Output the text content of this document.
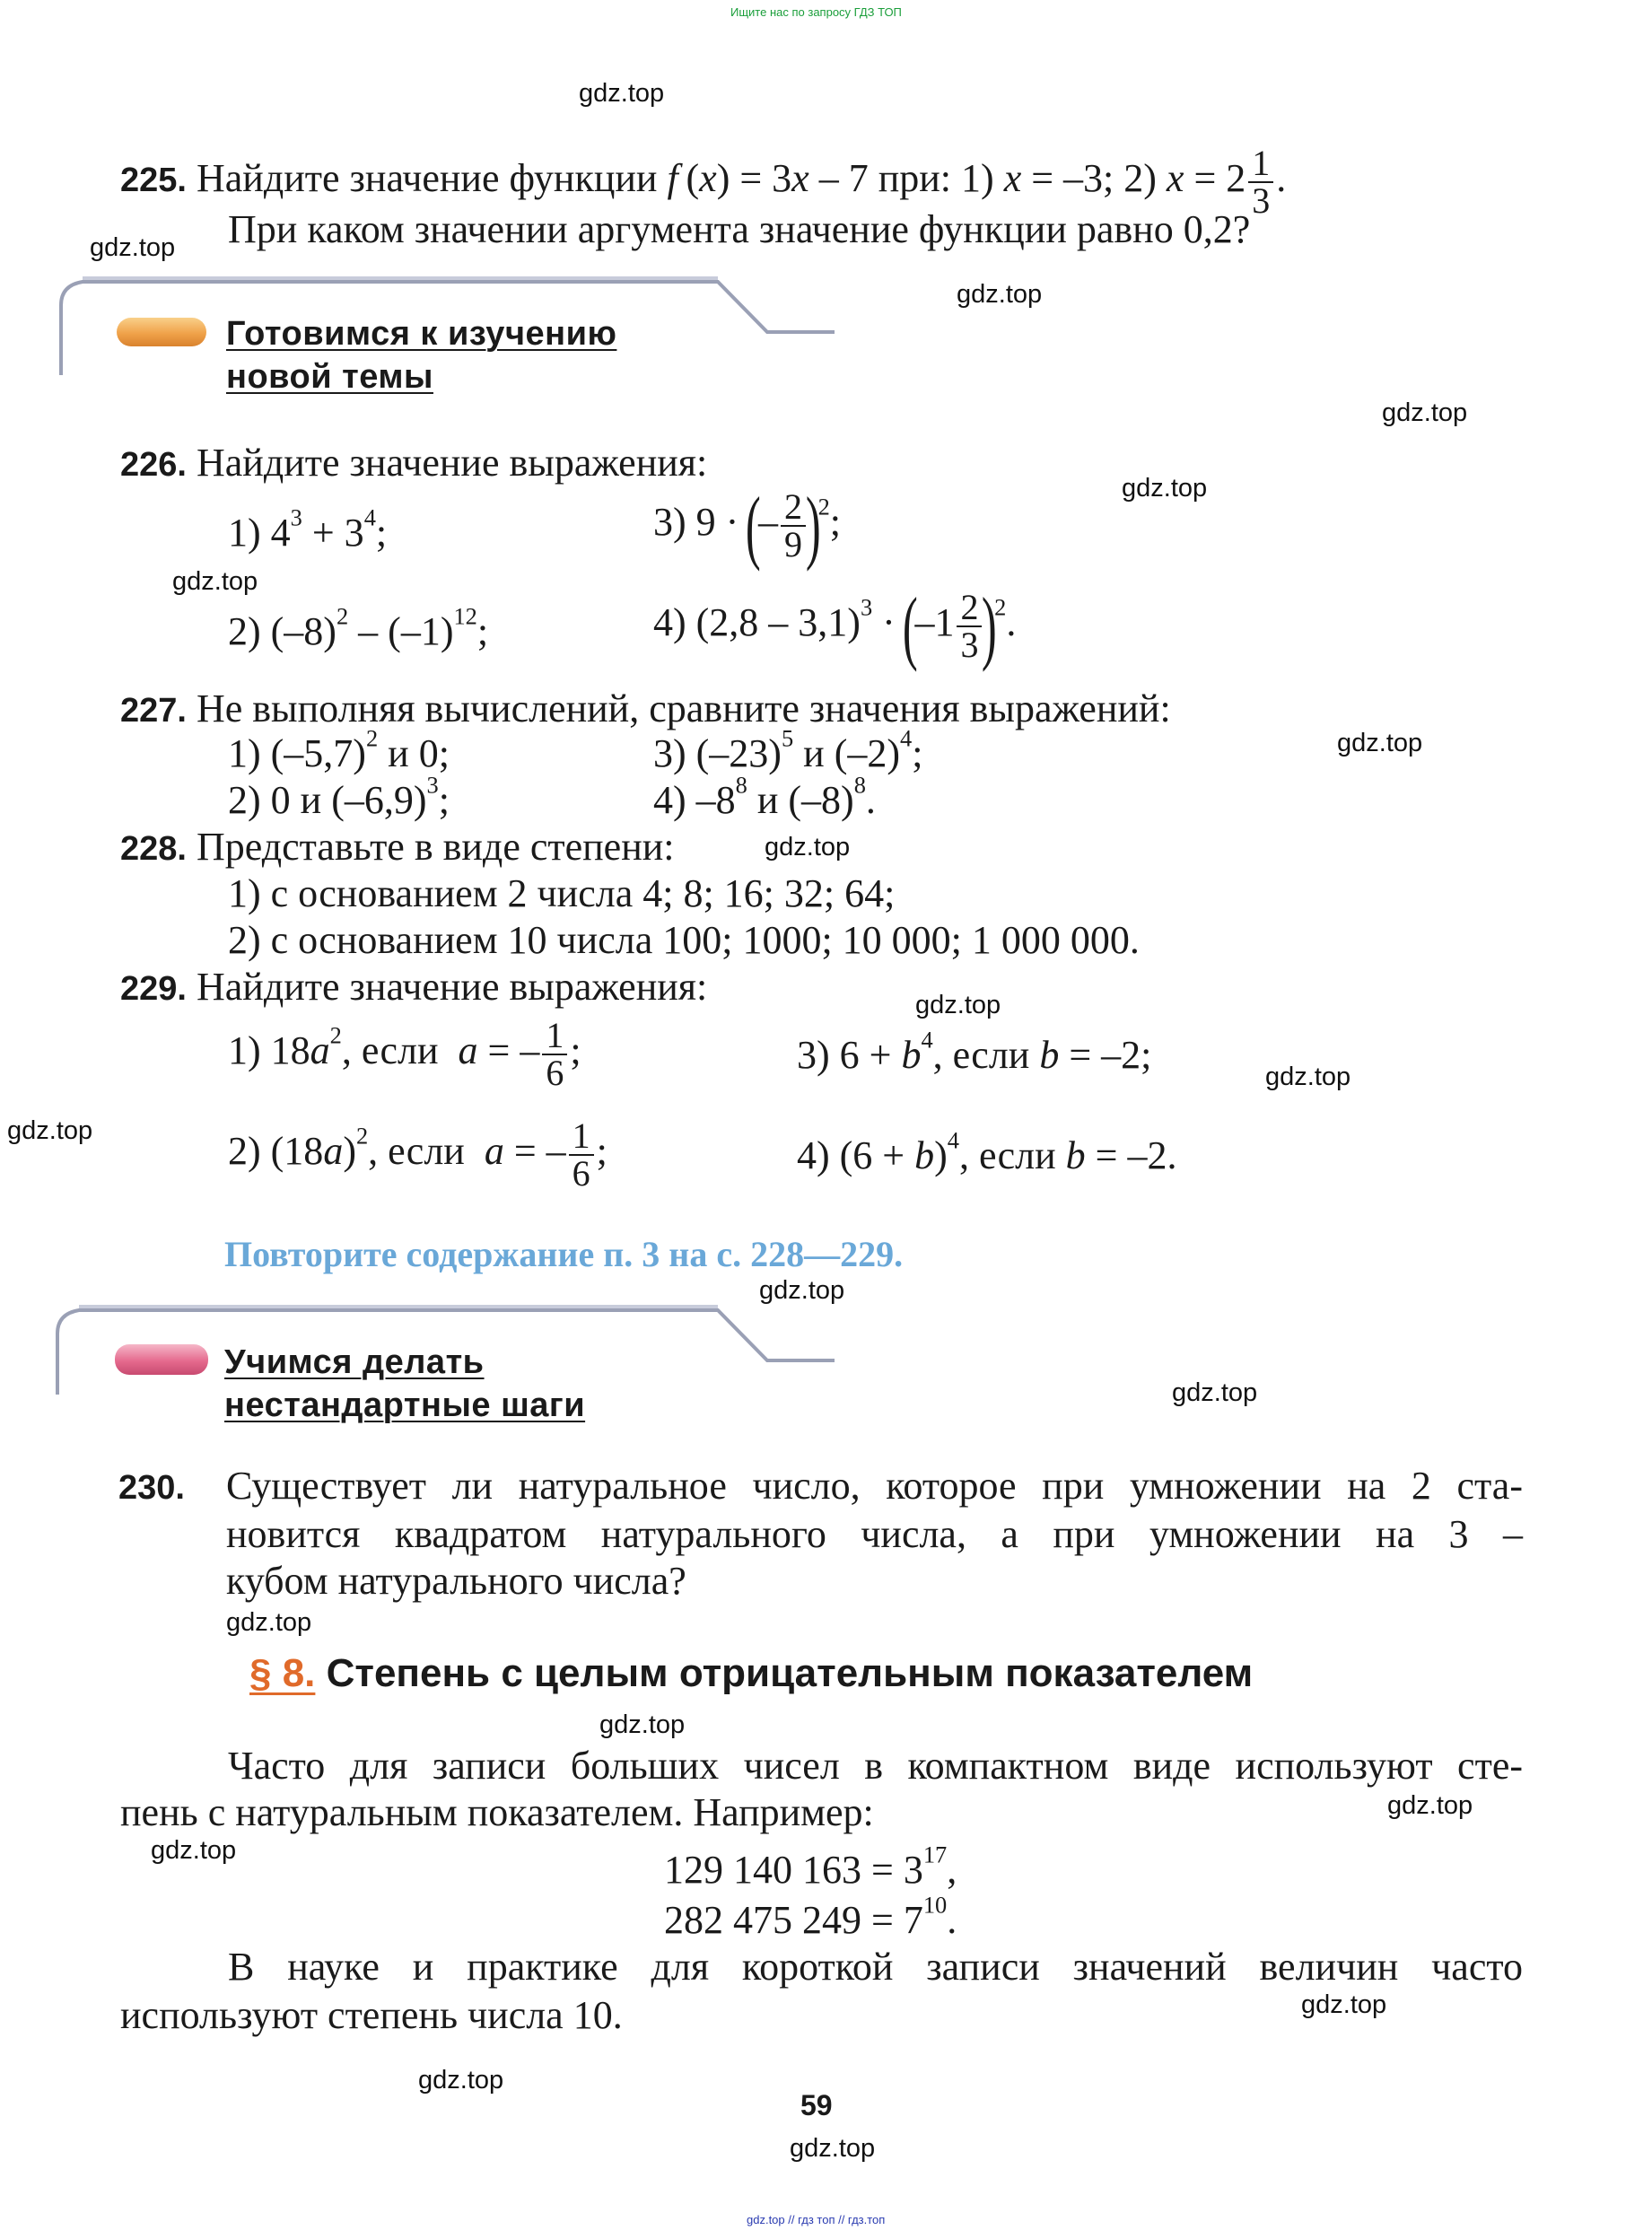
Ищите нас по запросу ГДЗ ТОП
gdz.top // гдз топ // гдз.топ
gdz.top
gdz.top
gdz.top
gdz.top
gdz.top
gdz.top
gdz.top
gdz.top
gdz.top
gdz.top
gdz.top
gdz.top
gdz.top
gdz.top
gdz.top
gdz.top
gdz.top
gdz.top
gdz.top
gdz.top
225. Найдите значение функции f (x) = 3x – 7 при: 1) x = –3; 2) $x = 2 \frac{1}{3}$ .
При каком значении аргумента значение функции равно 0,2?
Готовимся к изучению
новой темы
226. Найдите значение выражения:
1) $4^3 + 3^4$;	3) 9 · (– $\frac{2}{9} )^2$;
2) $(-8)^2 - (-1)^{12}$;	4) $(2,8 - 3,1)^3 \cdot (-1 \frac{2}{3} )^2$.
227. Не выполняя вычислений, сравните значения выражений:
1) $(-5,7)^2$ и 0;	3) $(-23)^5$ и $(-2)^4$;
2) 0 и $(-6,9)^3$;	4) $-8^8$ и $(-8)^8$.
228. Представьте в виде степени:
1) с основанием 2 числа 4; 8; 16; 32; 64;
2) с основанием 10 числа 100; 1000; 10 000; 1 000 000.
229. Найдите значение выражения:
1) $18a^2$, если  a = – $\frac{1}{6}$ ;	3) $6 + b^4$, если b = –2;
2) $(18a)^2$, если  a = – $\frac{1}{6}$ ;	4) $(6 + b)^4$, если b = –2.
Повторите содержание п. 3 на с. 228—229.
Учимся делать
нестандартные шаги
230. Существует ли натуральное число, которое при умножении на 2 ста-
новится квадратом натурального числа, а при умножении на 3 –
кубом натурального числа?
§ 8. Степень с целым отрицательным показателем
Часто для записи больших чисел в компактном виде используют сте-
пень с натуральным показателем. Например:
129 140 $163 = 3^{17}$,
282 475 $249 = 7^{10}$.
В науке и практике для короткой записи значений величин часто
используют степень числа 10.
59
